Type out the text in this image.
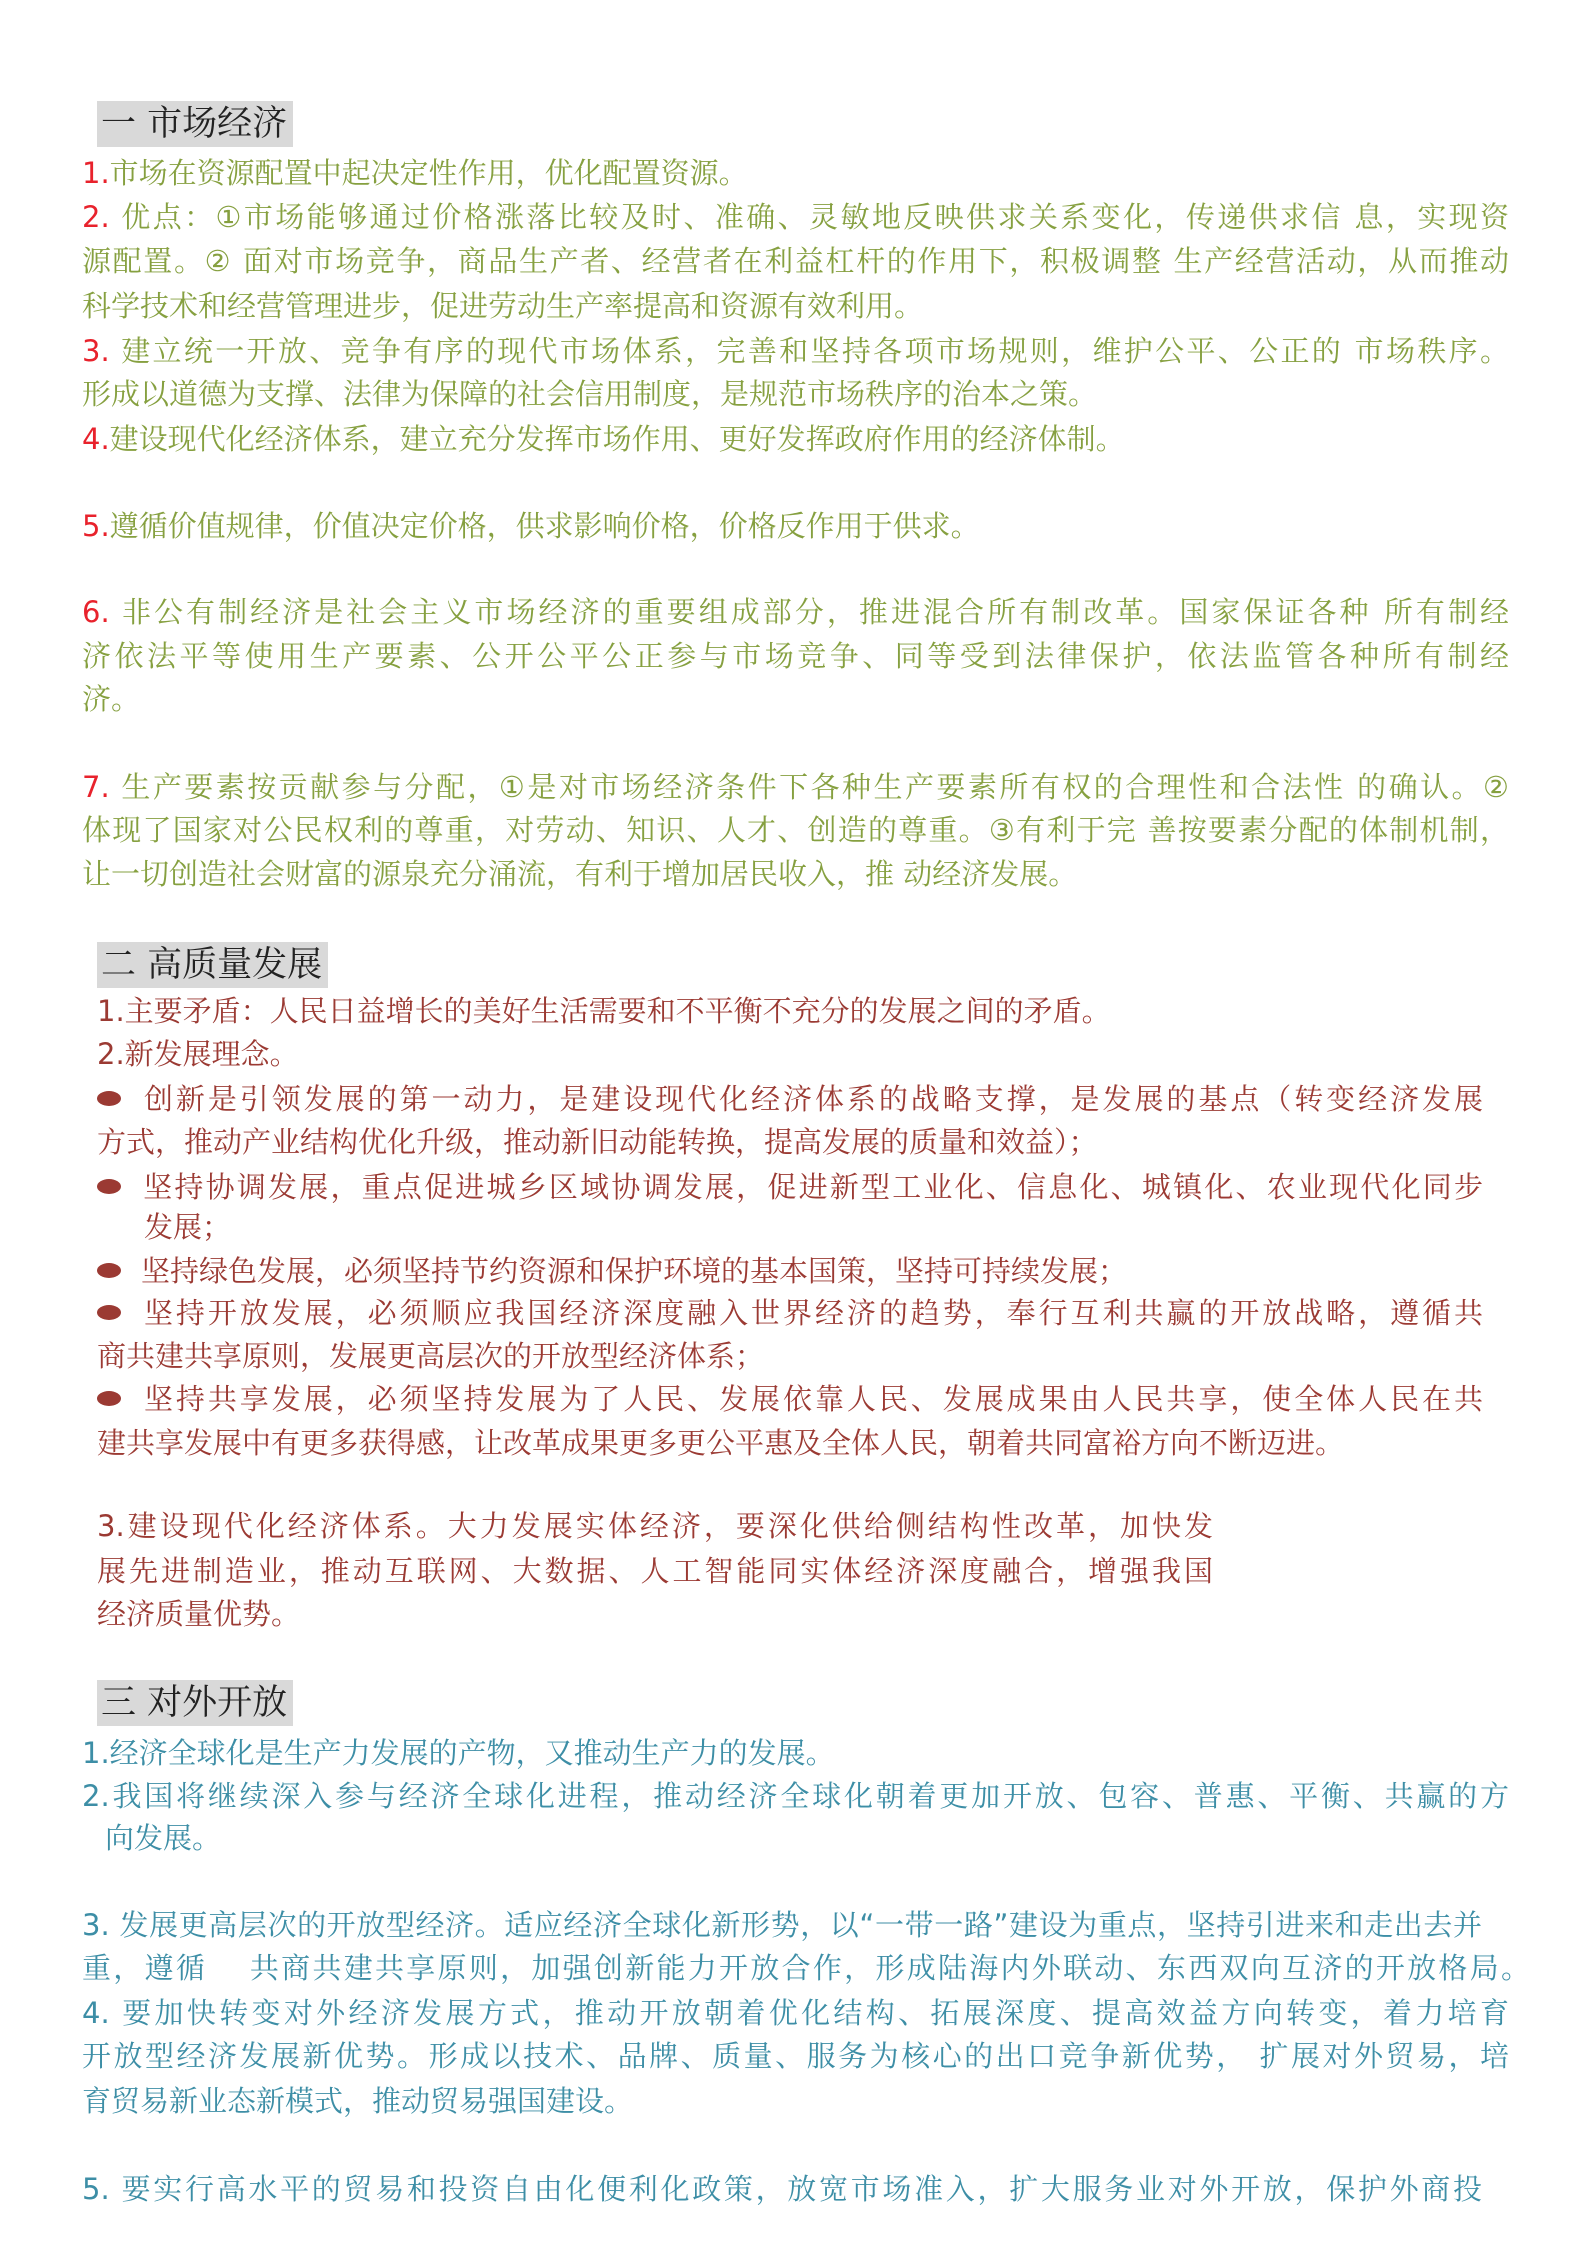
一 市场经济
1.市场在资源配置中起决定性作用，优化配置资源。
2. 优点：①市场能够通过价格涨落比较及时、准确、灵敏地反映供求关系变化，传递供求信 息，实现资
源配置。② 面对市场竞争，商品生产者、经营者在利益杠杆的作用下，积极调整 生产经营活动，从而推动
科学技术和经营管理进步，促进劳动生产率提高和资源有效利用。
3. 建立统一开放、竞争有序的现代市场体系，完善和坚持各项市场规则，维护公平、公正的 市场秩序。
形成以道德为支撑、法律为保障的社会信用制度，是规范市场秩序的治本之策。
4.建设现代化经济体系，建立充分发挥市场作用、更好发挥政府作用的经济体制。
5.遵循价值规律，价值决定价格，供求影响价格，价格反作用于供求。
6. 非公有制经济是社会主义市场经济的重要组成部分，推进混合所有制改革。国家保证各种 所有制经
济依法平等使用生产要素、公开公平公正参与市场竞争、同等受到法律保护，依法监管各种所有制经
济。
7. 生产要素按贡献参与分配，①是对市场经济条件下各种生产要素所有权的合理性和合法性 的确认。②
体现了国家对公民权利的尊重，对劳动、知识、人才、创造的尊重。③有利于完 善按要素分配的体制机制，
让一切创造社会财富的源泉充分涌流，有利于增加居民收入，推 动经济发展。
二 高质量发展
1.主要矛盾：人民日益增长的美好生活需要和不平衡不充分的发展之间的矛盾。
2.新发展理念。
创新是引领发展的第一动力，是建设现代化经济体系的战略支撑，是发展的基点（转变经济发展
方式，推动产业结构优化升级，推动新旧动能转换，提高发展的质量和效益）；
坚持协调发展，重点促进城乡区域协调发展，促进新型工业化、信息化、城镇化、农业现代化同步
发展；
坚持绿色发展，必须坚持节约资源和保护环境的基本国策，坚持可持续发展；
坚持开放发展，必须顺应我国经济深度融入世界经济的趋势，奉行互利共赢的开放战略，遵循共
商共建共享原则，发展更高层次的开放型经济体系；
坚持共享发展，必须坚持发展为了人民、发展依靠人民、发展成果由人民共享，使全体人民在共
建共享发展中有更多获得感，让改革成果更多更公平惠及全体人民，朝着共同富裕方向不断迈进。
3.建设现代化经济体系。大力发展实体经济，要深化供给侧结构性改革，加快发
展先进制造业，推动互联网、大数据、人工智能同实体经济深度融合，增强我国
经济质量优势。
三 对外开放
1.经济全球化是生产力发展的产物，又推动生产力的发展。
2.我国将继续深入参与经济全球化进程，推动经济全球化朝着更加开放、包容、普惠、平衡、共赢的方
向发展。
3. 发展更高层次的开放型经济。适应经济全球化新形势，以“一带一路”建设为重点，坚持引进来和走出去并
重，遵循　 共商共建共享原则，加强创新能力开放合作，形成陆海内外联动、东西双向互济的开放格局。
4. 要加快转变对外经济发展方式，推动开放朝着优化结构、拓展深度、提高效益方向转变，着力培育
开放型经济发展新优势。形成以技术、品牌、质量、服务为核心的出口竞争新优势， 扩展对外贸易，培
育贸易新业态新模式，推动贸易强国建设。
5. 要实行高水平的贸易和投资自由化便利化政策，放宽市场准入，扩大服务业对外开放，保护外商投
